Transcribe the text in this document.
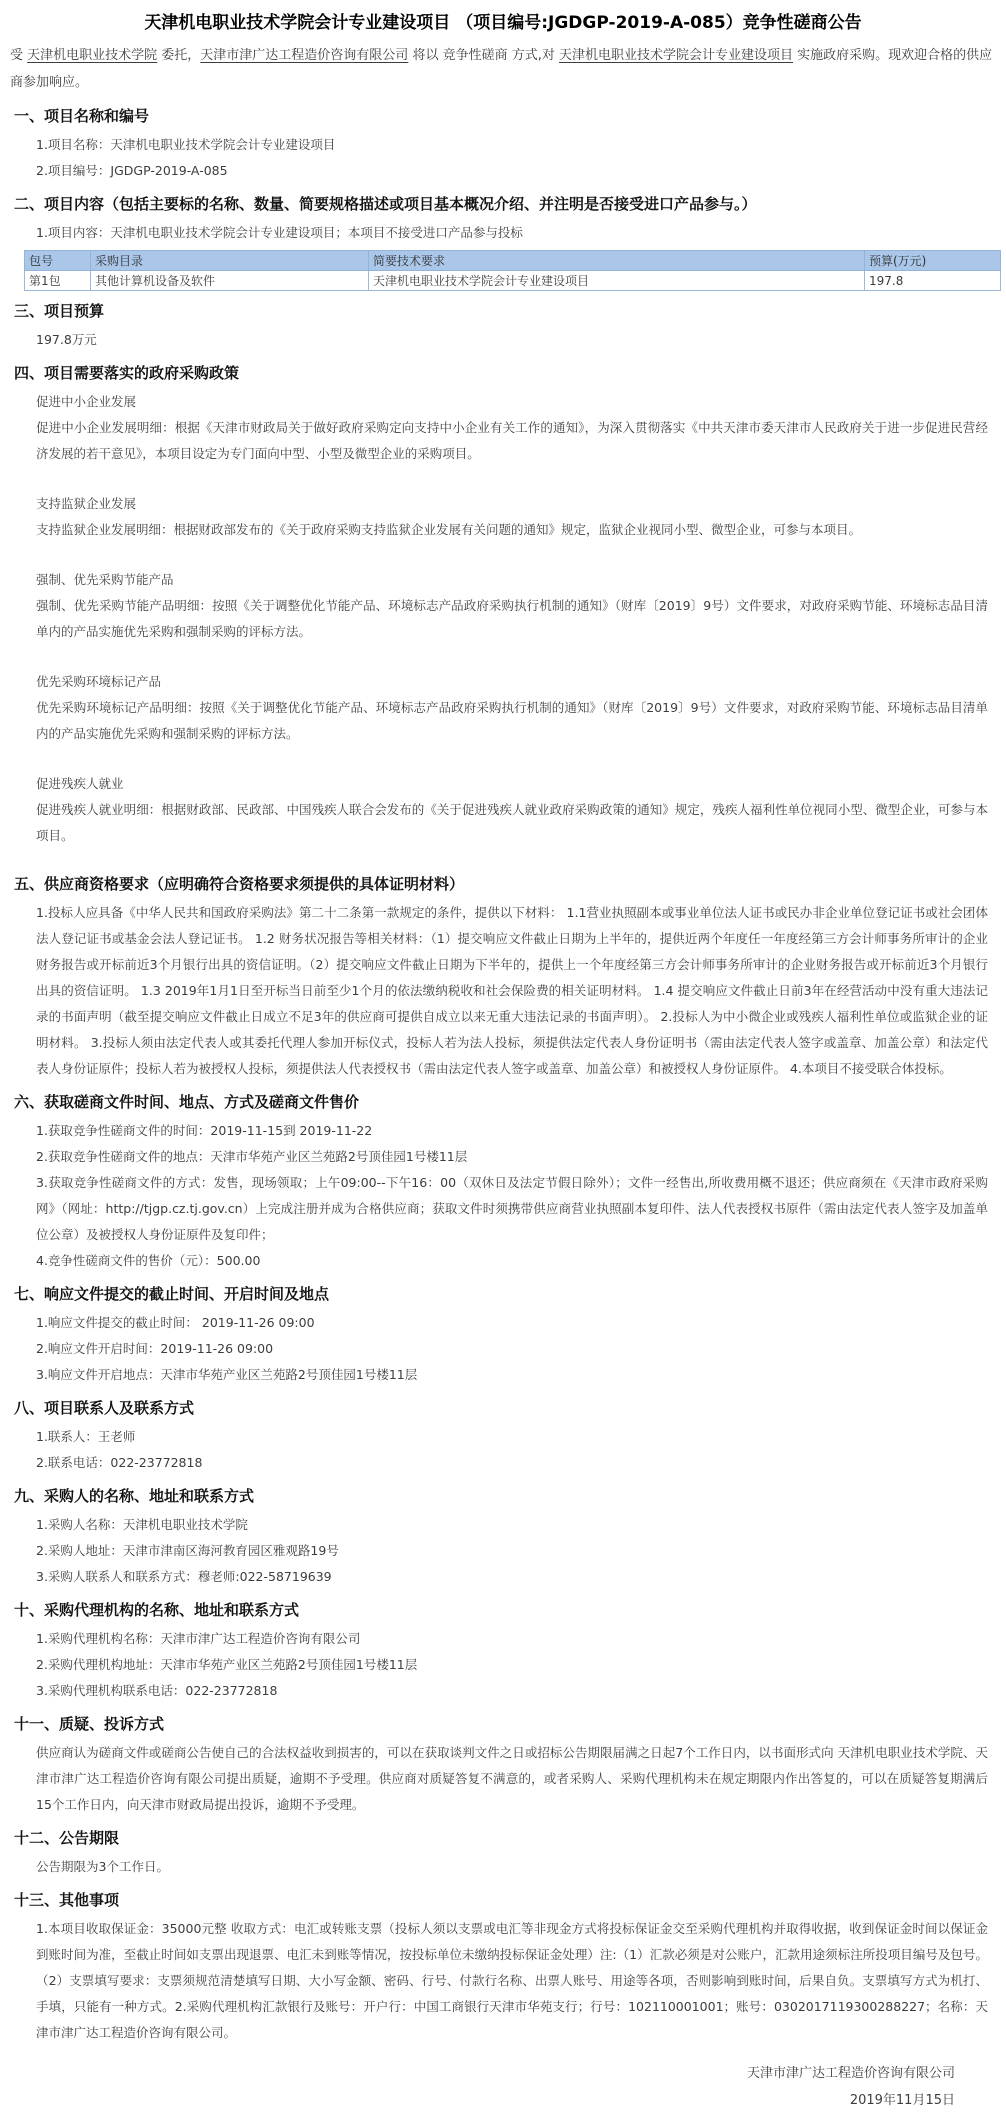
天津机电职业技术学院会计专业建设项目 （项目编号:JGDGP-2019-A-085）竞争性磋商公告

受 天津机电职业技术学院 委托，天津市津广达工程造价咨询有限公司 将以 竞争性磋商 方式,对 天津机电职业技术学院会计专业建设项目 实施政府采购。现欢迎合格的供应商参加响应。

一、项目名称和编号
1.项目名称：天津机电职业技术学院会计专业建设项目
2.项目编号：JGDGP-2019-A-085
二、项目内容（包括主要标的名称、数量、简要规格描述或项目基本概况介绍、并注明是否接受进口产品参与。）
1.项目内容：天津机电职业技术学院会计专业建设项目；本项目不接受进口产品参与投标
包号	采购目录	简要技术要求	预算(万元)
第1包	其他计算机设备及软件	天津机电职业技术学院会计专业建设项目	197.8
三、项目预算
197.8万元
四、项目需要落实的政府采购政策
促进中小企业发展
促进中小企业发展明细：根据《天津市财政局关于做好政府采购定向支持中小企业有关工作的通知》，为深入贯彻落实《中共天津市委天津市人民政府关于进一步促进民营经济发展的若干意见》，本项目设定为专门面向中型、小型及微型企业的采购项目。
支持监狱企业发展
支持监狱企业发展明细：根据财政部发布的《关于政府采购支持监狱企业发展有关问题的通知》规定，监狱企业视同小型、微型企业，可参与本项目。
强制、优先采购节能产品
强制、优先采购节能产品明细：按照《关于调整优化节能产品、环境标志产品政府采购执行机制的通知》（财库〔2019〕9号）文件要求，对政府采购节能、环境标志品目清单内的产品实施优先采购和强制采购的评标方法。
优先采购环境标记产品
优先采购环境标记产品明细：按照《关于调整优化节能产品、环境标志产品政府采购执行机制的通知》（财库〔2019〕9号）文件要求，对政府采购节能、环境标志品目清单内的产品实施优先采购和强制采购的评标方法。
促进残疾人就业
促进残疾人就业明细：根据财政部、民政部、中国残疾人联合会发布的《关于促进残疾人就业政府采购政策的通知》规定，残疾人福利性单位视同小型、微型企业，可参与本项目。
五、供应商资格要求（应明确符合资格要求须提供的具体证明材料）
1.投标人应具备《中华人民共和国政府采购法》第二十二条第一款规定的条件，提供以下材料： 1.1营业执照副本或事业单位法人证书或民办非企业单位登记证书或社会团体法人登记证书或基金会法人登记证书。 1.2 财务状况报告等相关材料：（1）提交响应文件截止日期为上半年的，提供近两个年度任一年度经第三方会计师事务所审计的企业财务报告或开标前近3个月银行出具的资信证明。（2）提交响应文件截止日期为下半年的，提供上一个年度经第三方会计师事务所审计的企业财务报告或开标前近3个月银行出具的资信证明。 1.3 2019年1月1日至开标当日前至少1个月的依法缴纳税收和社会保险费的相关证明材料。 1.4 提交响应文件截止日前3年在经营活动中没有重大违法记录的书面声明（截至提交响应文件截止日成立不足3年的供应商可提供自成立以来无重大违法记录的书面声明）。 2.投标人为中小微企业或残疾人福利性单位或监狱企业的证明材料。 3.投标人须由法定代表人或其委托代理人参加开标仪式，投标人若为法人投标，须提供法定代表人身份证明书（需由法定代表人签字或盖章、加盖公章）和法定代表人身份证原件；投标人若为被授权人投标，须提供法人代表授权书（需由法定代表人签字或盖章、加盖公章）和被授权人身份证原件。 4.本项目不接受联合体投标。
六、获取磋商文件时间、地点、方式及磋商文件售价
1.获取竞争性磋商文件的时间：2019-11-15到 2019-11-22
2.获取竞争性磋商文件的地点：天津市华苑产业区兰苑路2号顶佳园1号楼11层
3.获取竞争性磋商文件的方式：发售，现场领取；上午09:00--下午16：00（双休日及法定节假日除外）；文件一经售出,所收费用概不退还；供应商须在《天津市政府采购网》（网址：http://tjgp.cz.tj.gov.cn）上完成注册并成为合格供应商；获取文件时须携带供应商营业执照副本复印件、法人代表授权书原件（需由法定代表人签字及加盖单位公章）及被授权人身份证原件及复印件；
4.竞争性磋商文件的售价（元）：500.00
七、响应文件提交的截止时间、开启时间及地点
1.响应文件提交的截止时间： 2019-11-26 09:00
2.响应文件开启时间：2019-11-26 09:00
3.响应文件开启地点：天津市华苑产业区兰苑路2号顶佳园1号楼11层
八、项目联系人及联系方式
1.联系人：王老师
2.联系电话：022-23772818
九、采购人的名称、地址和联系方式
1.采购人名称：天津机电职业技术学院
2.采购人地址：天津市津南区海河教育园区雅观路19号
3.采购人联系人和联系方式：穆老师:022-58719639
十、采购代理机构的名称、地址和联系方式
1.采购代理机构名称：天津市津广达工程造价咨询有限公司
2.采购代理机构地址：天津市华苑产业区兰苑路2号顶佳园1号楼11层
3.采购代理机构联系电话：022-23772818
十一、质疑、投诉方式
供应商认为磋商文件或磋商公告使自己的合法权益收到损害的，可以在获取谈判文件之日或招标公告期限届满之日起7个工作日内，以书面形式向 天津机电职业技术学院、天津市津广达工程造价咨询有限公司提出质疑，逾期不予受理。供应商对质疑答复不满意的，或者采购人、采购代理机构未在规定期限内作出答复的，可以在质疑答复期满后15个工作日内，向天津市财政局提出投诉，逾期不予受理。
十二、公告期限
公告期限为3个工作日。
十三、其他事项
1.本项目收取保证金：35000元整 收取方式：电汇或转账支票（投标人须以支票或电汇等非现金方式将投标保证金交至采购代理机构并取得收据，收到保证金时间以保证金到账时间为准，至截止时间如支票出现退票、电汇未到账等情况，按投标单位未缴纳投标保证金处理）注:（1）汇款必须是对公账户，汇款用途须标注所投项目编号及包号。（2）支票填写要求：支票须规范清楚填写日期、大小写金额、密码、行号、付款行名称、出票人账号、用途等各项，否则影响到账时间，后果自负。支票填写方式为机打、手填，只能有一种方式。2.采购代理机构汇款银行及账号：开户行：中国工商银行天津市华苑支行；行号：102110001001；账号：0302017119300288227；名称：天津市津广达工程造价咨询有限公司。
天津市津广达工程造价咨询有限公司
2019年11月15日
